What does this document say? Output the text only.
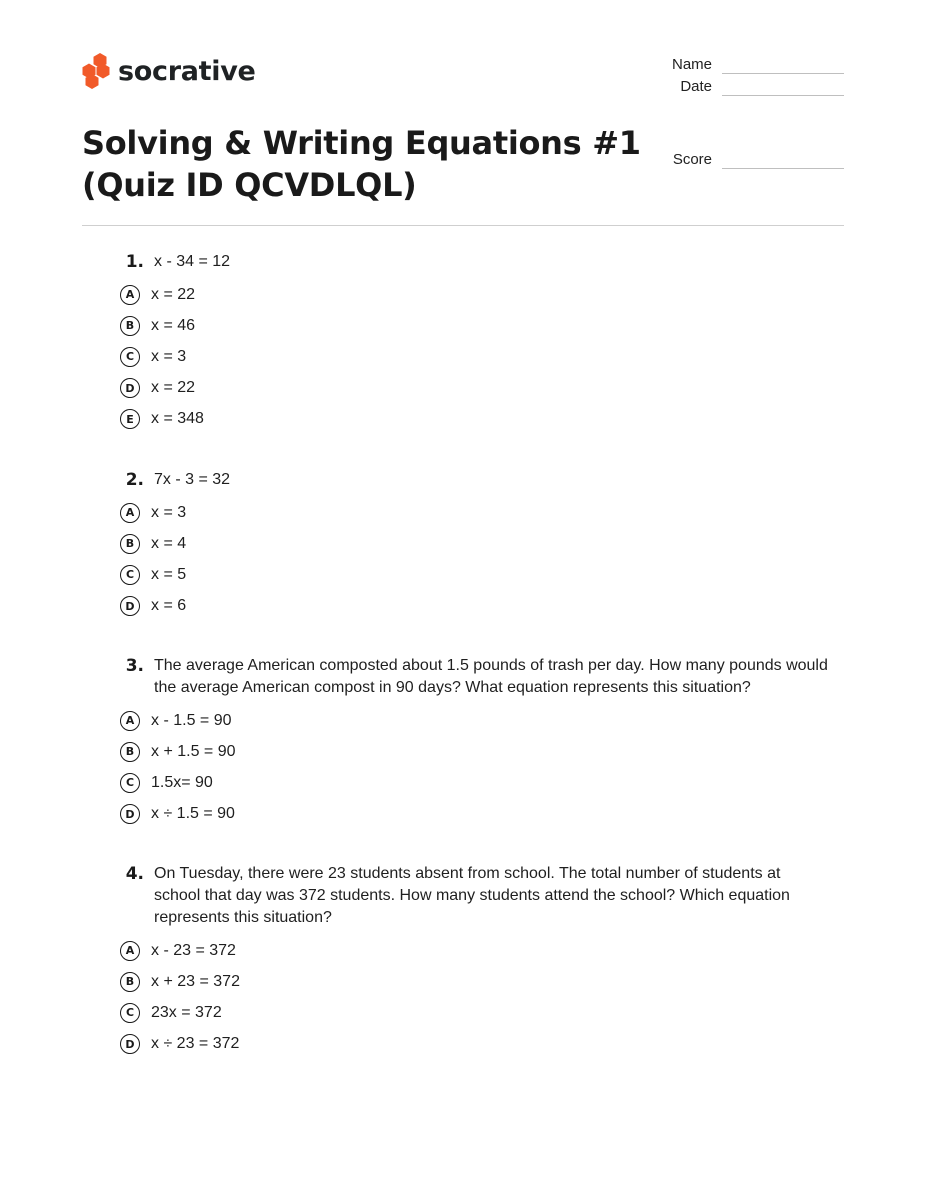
socrative	Name
Date
Score
Solving & Writing Equations #1
(Quiz ID QCVDLQL)
1. x - 34 = 12
A	x = 22
B	x = 46
C	x = 3
D	x = 22
E	x = 348
2. 7x - 3 = 32
A	x = 3
B	x = 4
C	x = 5
D	x = 6
3. The average American composted about 1.5 pounds of trash per day. How many pounds would
the average American compost in 90 days? What equation represents this situation?
A	x - 1.5 = 90
B	x + 1.5 = 90
C	1.5x= 90
D	x ÷ 1.5 = 90
4. On Tuesday, there were 23 students absent from school. The total number of students at
school that day was 372 students. How many students attend the school? Which equation
represents this situation?
A	x - 23 = 372
B	x + 23 = 372
C	23x = 372
D	x ÷ 23 = 372
